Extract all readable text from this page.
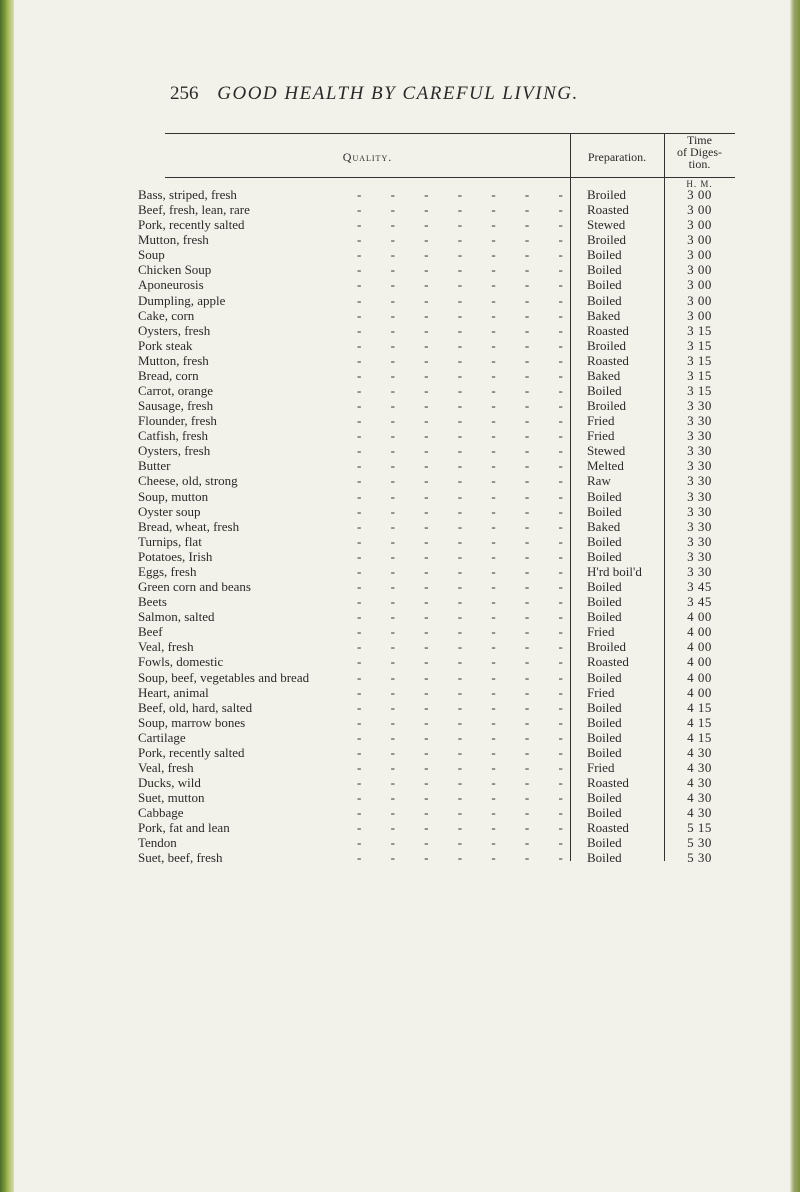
256 GOOD HEALTH BY CAREFUL LIVING.
Quality.	Preparation.
Time
of Diges-
tion.
H. M.
Bass, striped, fresh	- - - - - - - Broiled	3 00
Beef, fresh, lean, rare	- - - - - - - Roasted	3 00
Pork, recently salted	- - - - - - - Stewed	3 00
Mutton, fresh	- - - - - - - Broiled	3 00
Soup	- - - - - - - Boiled	3 00
Chicken Soup	- - - - - - - Boiled	3 00
Aponeurosis	- - - - - - - Boiled	3 00
Dumpling, apple	- - - - - - - Boiled	3 00
Cake, corn	- - - - - - - Baked	3 00
Oysters, fresh	- - - - - - - Roasted	3 15
Pork steak	- - - - - - - Broiled	3 15
Mutton, fresh	- - - - - - - Roasted	3 15
Bread, corn	- - - - - - - Baked	3 15
Carrot, orange	- - - - - - - Boiled	3 15
Sausage, fresh	- - - - - - - Broiled	3 30
Flounder, fresh	- - - - - - - Fried	3 30
Catfish, fresh	- - - - - - - Fried	3 30
Oysters, fresh	- - - - - - - Stewed	3 30
Butter	- - - - - - - Melted	3 30
Cheese, old, strong	- - - - - - - Raw	3 30
Soup, mutton	- - - - - - - Boiled	3 30
Oyster soup	- - - - - - - Boiled	3 30
Bread, wheat, fresh	- - - - - - - Baked	3 30
Turnips, flat	- - - - - - - Boiled	3 30
Potatoes, Irish	- - - - - - - Boiled	3 30
Eggs, fresh	- - - - - - - H'rd boil'd	3 30
Green corn and beans	- - - - - - - Boiled	3 45
Beets	- - - - - - - Boiled	3 45
Salmon, salted	- - - - - - - Boiled	4 00
Beef	- - - - - - - Fried	4 00
Veal, fresh	- - - - - - - Broiled	4 00
Fowls, domestic	- - - - - - - Roasted	4 00
Soup, beef, vegetables and bread	- - - - - - - Boiled	4 00
Heart, animal	- - - - - - - Fried	4 00
Beef, old, hard, salted	- - - - - - - Boiled	4 15
Soup, marrow bones	- - - - - - - Boiled	4 15
Cartilage	- - - - - - - Boiled	4 15
Pork, recently salted	- - - - - - - Boiled	4 30
Veal, fresh	- - - - - - - Fried	4 30
Ducks, wild	- - - - - - - Roasted	4 30
Suet, mutton	- - - - - - - Boiled	4 30
Cabbage	- - - - - - - Boiled	4 30
Pork, fat and lean	- - - - - - - Roasted	5 15
Tendon	- - - - - - - Boiled	5 30
Suet, beef, fresh	- - - - - - - Boiled	5 30
